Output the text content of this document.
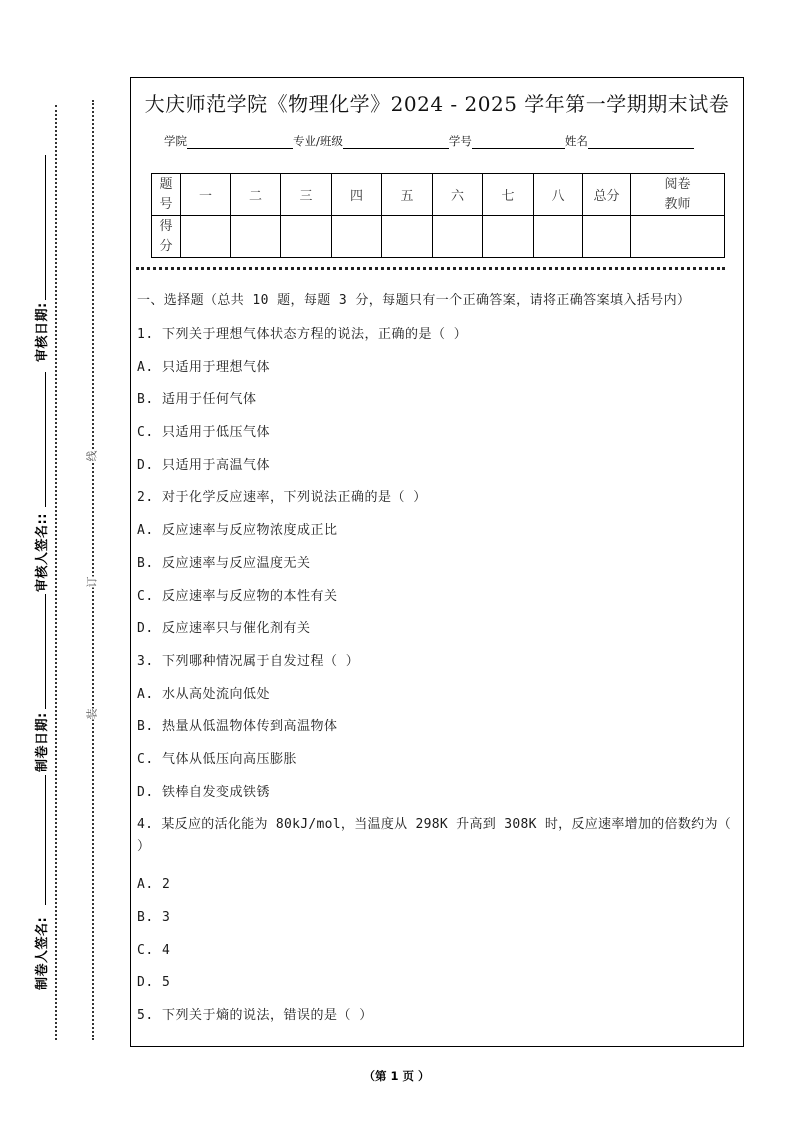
审核日期:
审核人签名::
制卷日期:
制卷人签名:
线
订
装
大庆师范学院《物理化学》2024 - 2025 学年第一学期期末试卷
学院	专业/班级	学号	姓名
题号	一	二	三	四	五	六	七	八	总分	阅卷教师

得分										

一、选择题（总共 10 题，每题 3 分，每题只有一个正确答案，请将正确答案填入括号内）

1. 下列关于理想气体状态方程的说法，正确的是（ ）

A. 只适用于理想气体

B. 适用于任何气体

C. 只适用于低压气体

D. 只适用于高温气体

2. 对于化学反应速率，下列说法正确的是（ ）

A. 反应速率与反应物浓度成正比

B. 反应速率与反应温度无关

C. 反应速率与反应物的本性有关

D. 反应速率只与催化剂有关

3. 下列哪种情况属于自发过程（ ）

A. 水从高处流向低处

B. 热量从低温物体传到高温物体

C. 气体从低压向高压膨胀

D. 铁棒自发变成铁锈

4. 某反应的活化能为 80kJ/mol，当温度从 298K 升高到 308K 时，反应速率增加的倍数约为（ ）

A. 2

B. 3

C. 4

D. 5

5. 下列关于熵的说法，错误的是（ ）

（第 1 页 ）
